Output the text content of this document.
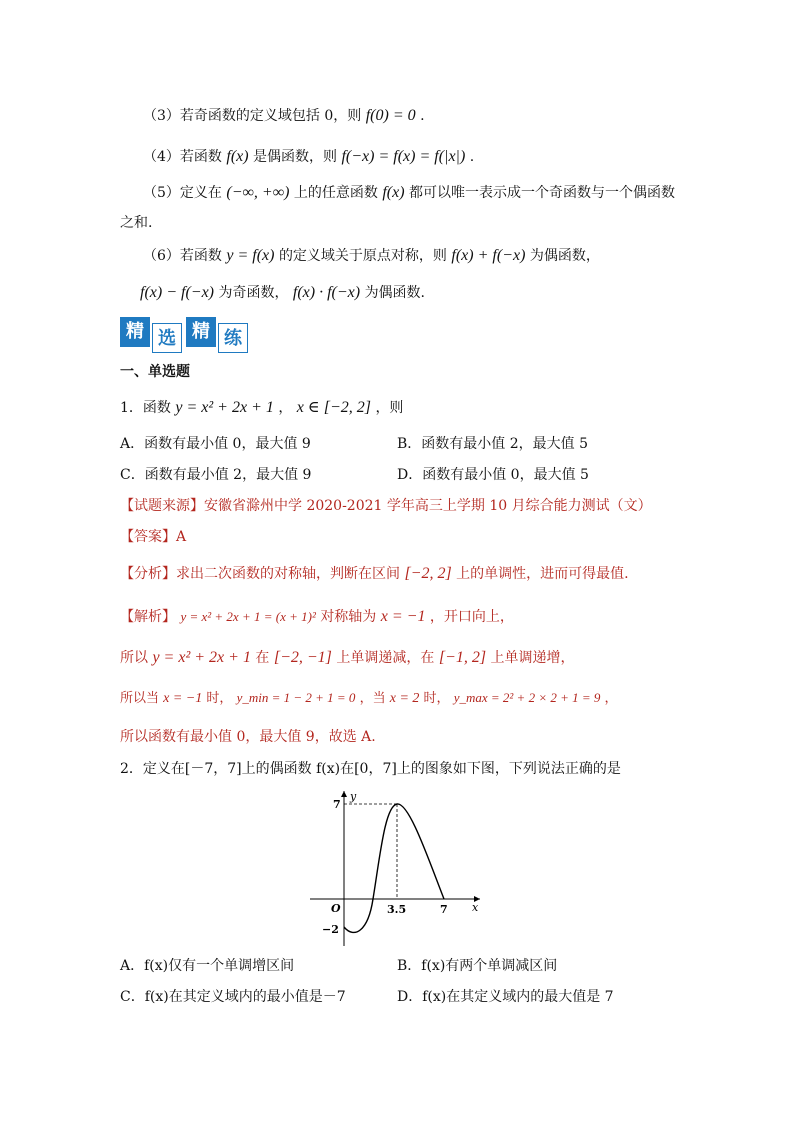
（3）若奇函数的定义域包括 0，则 f(0) = 0 .
（4）若函数 f(x) 是偶函数，则 f(−x) = f(x) = f(|x|) .
（5）定义在 (−∞, +∞) 上的任意函数 f(x) 都可以唯一表示成一个奇函数与一个偶函数
之和.
（6）若函数 y = f(x) 的定义域关于原点对称，则 f(x) + f(−x) 为偶函数，
f(x) − f(−x) 为奇函数， f(x) · f(−x) 为偶函数.
精 选 精 练
一、单选题
1．函数 y = x² + 2x + 1 ， x ∈ [−2, 2] ，则
A．函数有最小值 0，最大值 9	B．函数有最小值 2，最大值 5
C．函数有最小值 2，最大值 9	D．函数有最小值 0，最大值 5
【试题来源】安徽省滁州中学 2020-2021 学年高三上学期 10 月综合能力测试（文）
【答案】A
【分析】求出二次函数的对称轴，判断在区间 [−2, 2] 上的单调性，进而可得最值.
【解析】 y = x² + 2x + 1 = (x + 1)² 对称轴为 x = −1 ，开口向上，
所以 y = x² + 2x + 1 在 [−2, −1] 上单调递减，在 [−1, 2] 上单调递增，
所以当 x = −1 时， y_min = 1 − 2 + 1 = 0 ，当 x = 2 时， y_max = 2² + 2 × 2 + 1 = 9 ，
所以函数有最小值 0，最大值 9，故选 A.
2．定义在[－7，7]上的偶函数 f(x)在[0，7]上的图象如下图，下列说法正确的是
y
x
O
7
−2
3.5	7
A．f(x)仅有一个单调增区间	B．f(x)有两个单调减区间
C．f(x)在其定义域内的最小值是－7	D．f(x)在其定义域内的最大值是 7
